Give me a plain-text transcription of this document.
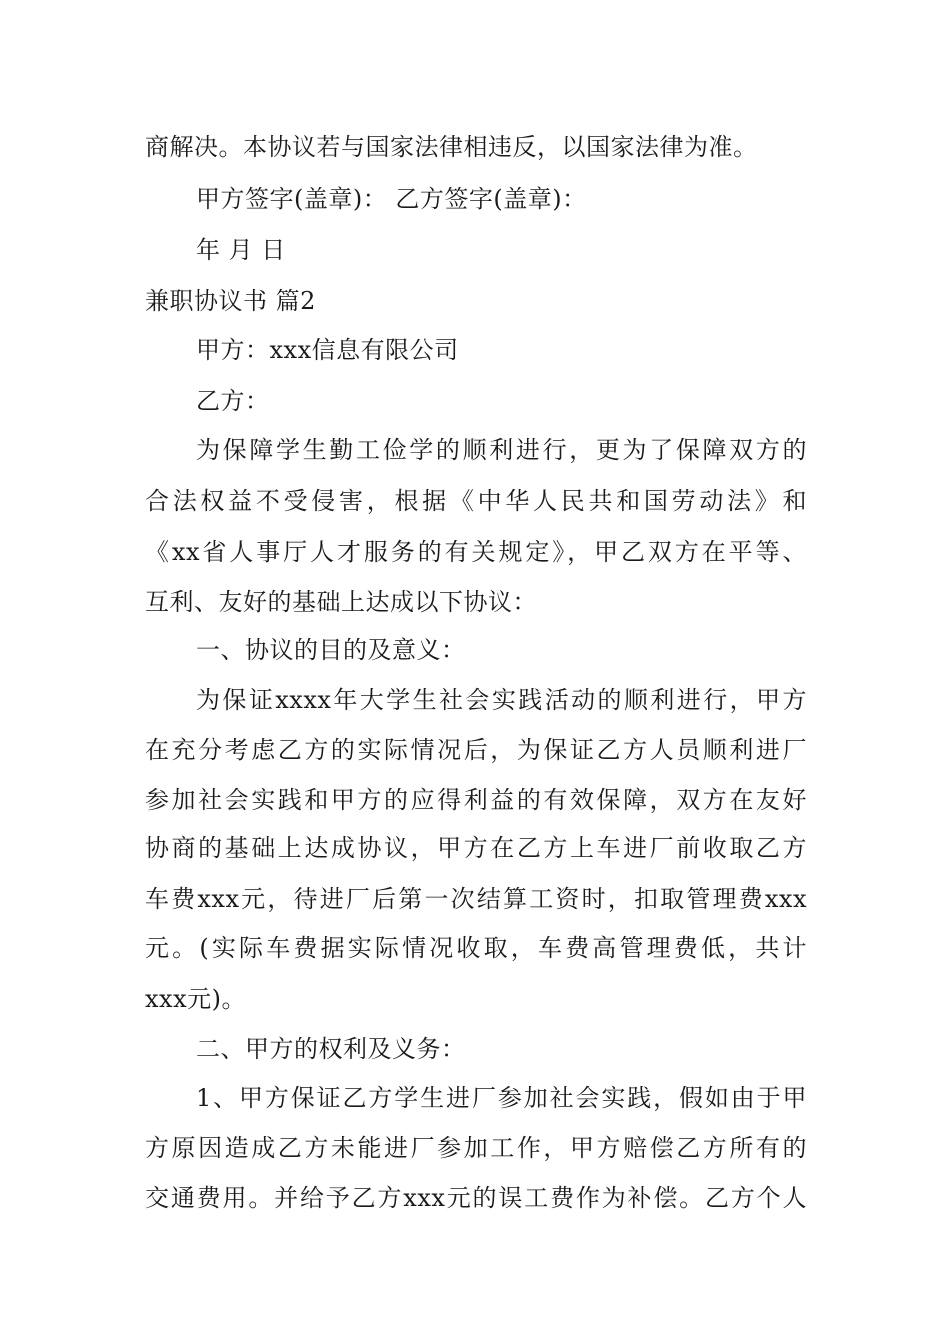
商解决。本协议若与国家法律相违反，以国家法律为准。
甲方签字(盖章)： 乙方签字(盖章)：
年 月 日
兼职协议书 篇2
甲方：xxx信息有限公司
乙方：
为保障学生勤工俭学的顺利进行，更为了保障双方的
合法权益不受侵害，根据《中华人民共和国劳动法》和
《xx省人事厅人才服务的有关规定》，甲乙双方在平等、
互利、友好的基础上达成以下协议：
一、协议的目的及意义：
为保证xxxx年大学生社会实践活动的顺利进行，甲方
在充分考虑乙方的实际情况后，为保证乙方人员顺利进厂
参加社会实践和甲方的应得利益的有效保障，双方在友好
协商的基础上达成协议，甲方在乙方上车进厂前收取乙方
车费xxx元，待进厂后第一次结算工资时，扣取管理费xxx
元。(实际车费据实际情况收取，车费高管理费低，共计
xxx元)。
二、甲方的权利及义务：
1、甲方保证乙方学生进厂参加社会实践，假如由于甲
方原因造成乙方未能进厂参加工作，甲方赔偿乙方所有的
交通费用。并给予乙方xxx元的误工费作为补偿。乙方个人
